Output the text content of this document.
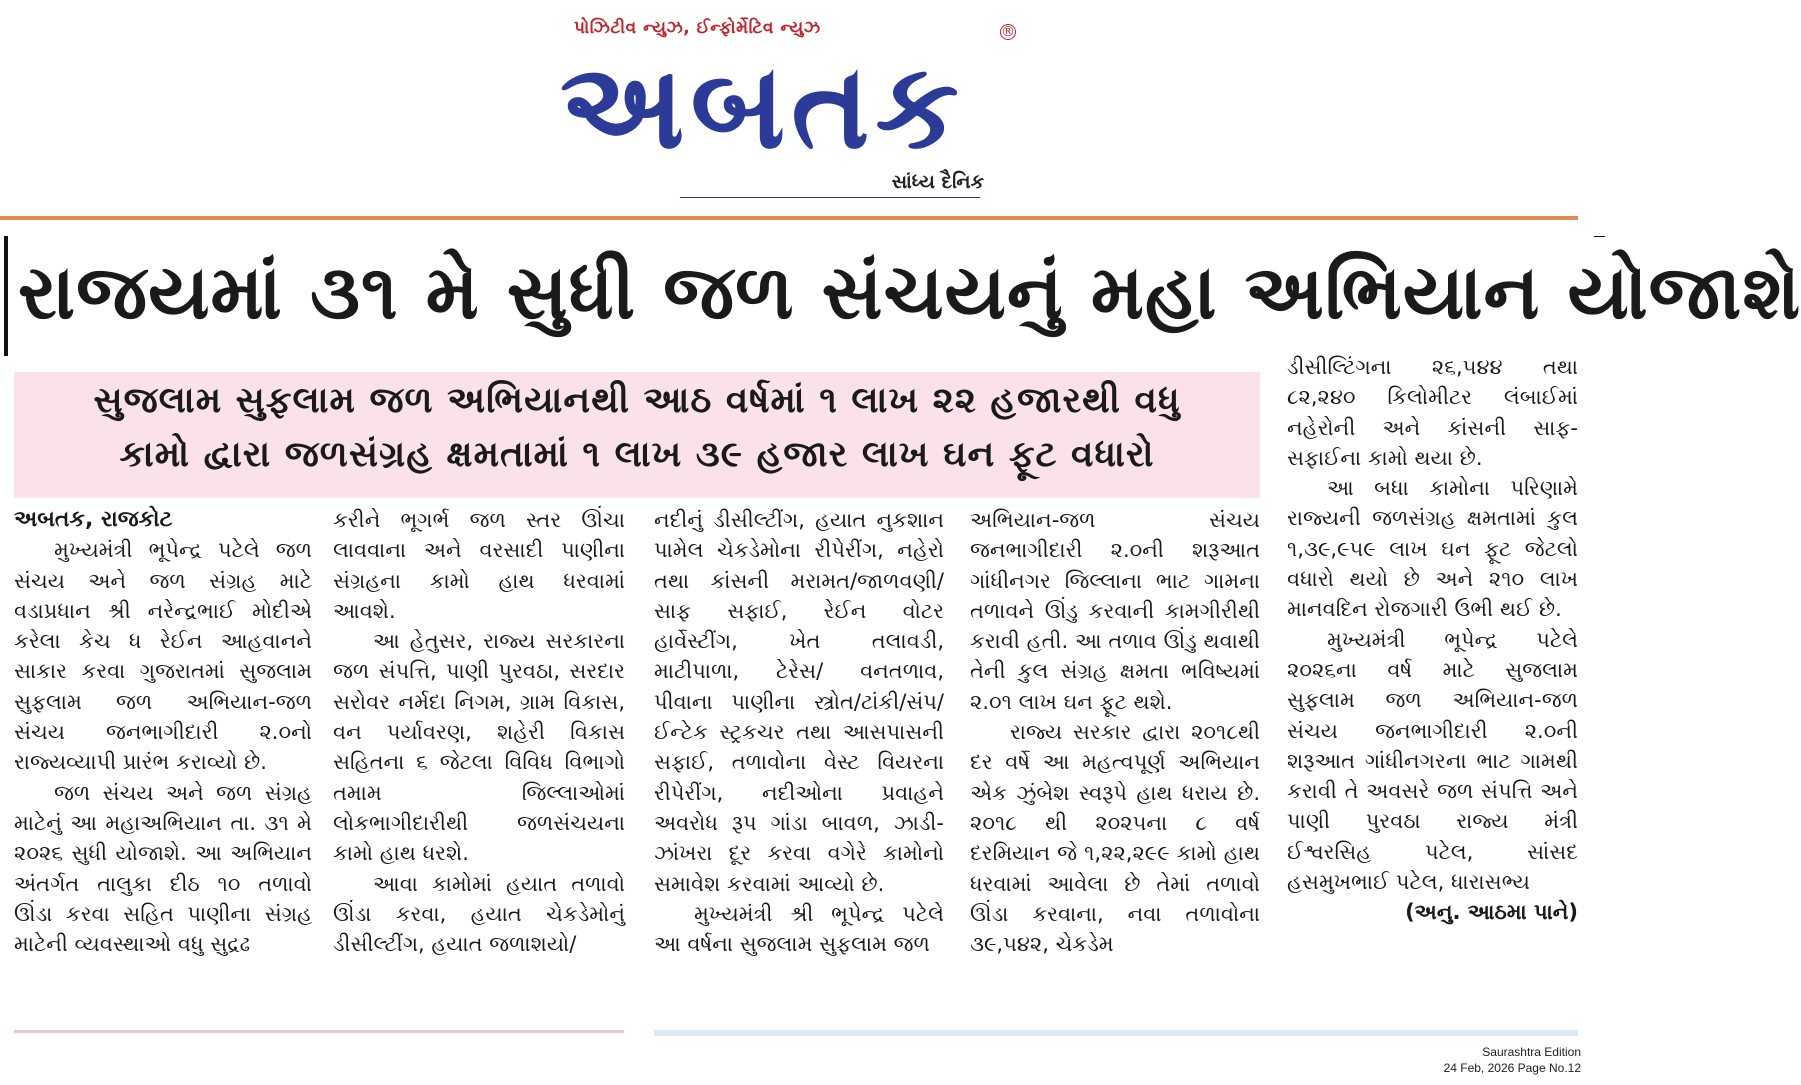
પોઝિટીવ ન્યુઝ, ઈન્ફોર્મેટિવ ન્યુઝ	®
અબતક
સાંધ્ય દૈનિક
રાજયમાં ૩૧ મે સુધી જળ સંચયનું મહા અભિયાન યોજાશે
સુજલામ સુફલામ જળ અભિયાનથી આઠ વર્ષમાં ૧ લાખ ૨૨ હજારથી વધુ
કામો દ્વારા જળસંગ્રહ ક્ષમતામાં ૧ લાખ ૩૯ હજાર લાખ ઘન ફૂટ વધારો

અબતક, રાજકોટ

મુખ્યમંત્રી ભૂપેન્દ્ર પટેલે જળ સંચય અને જળ સંગ્રહ માટે વડાપ્રધાન શ્રી નરેન્દ્રભાઈ મોદીએ કરેલા કેચ ધ રેઈન આહવાનને સાકાર કરવા ગુજરાતમાં સુજલામ સુફલામ જળ અભિયાન-જળ સંચય જનભાગીદારી ૨.૦નો રાજ્યવ્યાપી પ્રારંભ કરાવ્યો છે.

જળ સંચય અને જળ સંગ્રહ માટેનું આ મહાઅભિયાન તા. ૩૧ મે ૨૦૨૬ સુધી યોજાશે. આ અભિયાન અંતર્ગત તાલુકા દીઠ ૧૦ તળાવો ઊંડા કરવા સહિત પાણીના સંગ્રહ માટેની વ્યવસ્થાઓ વધુ સુદ્રઢ

કરીને ભૂગર્ભ જળ સ્તર ઊંચા લાવવાના અને વરસાદી પાણીના સંગ્રહના કામો હાથ ધરવામાં આવશે.

આ હેતુસર, રાજ્ય સરકારના જળ સંપત્તિ, પાણી પુરવઠા, સરદાર સરોવર નર્મદા નિગમ, ગ્રામ વિકાસ, વન પર્યાવરણ, શહેરી વિકાસ સહિતના ૬ જેટલા વિવિધ વિભાગો તમામ જિલ્લાઓમાં લોકભાગીદારીથી જળસંચયના કામો હાથ ધરશે.

આવા કામોમાં હયાત તળાવો ઊંડા કરવા, હયાત ચેકડેમોનું ડીસીલ્ટીંગ, હયાત જળાશયો/

નદીનું ડીસીલ્ટીંગ, હયાત નુકશાન પામેલ ચેકડેમોના રીપેરીંગ, નહેરો તથા કાંસની મરામત/જાળવણી/ સાફ સફાઈ, રેઈન વોટર હાર્વેસ્ટીંગ, ખેત તલાવડી, માટીપાળા, ટેરેસ/ વનતળાવ, પીવાના પાણીના સ્ત્રોત/ટાંકી/સંપ/ ઈન્ટેક સ્ટ્રકચર તથા આસપાસની સફાઈ, તળાવોના વેસ્ટ વિયરના રીપેરીંગ, નદીઓના પ્રવાહને અવરોધ રૂપ ગાંડા બાવળ, ઝાડી-ઝાંખરા દૂર કરવા વગેરે કામોનો સમાવેશ કરવામાં આવ્યો છે.

મુખ્યમંત્રી શ્રી ભૂપેન્દ્ર પટેલે આ વર્ષના સુજલામ સુફલામ જળ

અભિયાન-જળ સંચય જનભાગીદારી ૨.૦ની શરૂઆત ગાંધીનગર જિલ્લાના ભાટ ગામના તળાવને ઊંડુ કરવાની કામગીરીથી કરાવી હતી. આ તળાવ ઊંડુ થવાથી તેની કુલ સંગ્રહ ક્ષમતા ભવિષ્યમાં ૨.૦૧ લાખ ઘન ફૂટ થશે.

રાજ્ય સરકાર દ્વારા ૨૦૧૮થી દર વર્ષે આ મહત્વપૂર્ણ અભિયાન એક ઝુંબેશ સ્વરૂપે હાથ ધરાય છે. ૨૦૧૮ થી ૨૦૨૫ના ૮ વર્ષ દરમિયાન જે ૧,૨૨,૨૯૯ કામો હાથ ધરવામાં આવેલા છે તેમાં તળાવો ઊંડા કરવાના, નવા તળાવોના ૩૯,૫૪૨, ચેકડેમ

ડીસીલ્ટિંગના ૨૬,૫૪૪ તથા ૮૨,૨૪૦ કિલોમીટર લંબાઈમાં નહેરોની અને કાંસની સાફ-સફાઈના કામો થયા છે.

આ બધા કામોના પરિણામે રાજ્યની જળસંગ્રહ ક્ષમતામાં કુલ ૧,૩૯,૯૫૯ લાખ ઘન ફૂટ જેટલો વધારો થયો છે અને ૨૧૦ લાખ માનવદિન રોજગારી ઉભી થઈ છે.

મુખ્યમંત્રી ભૂપેન્દ્ર પટેલે ૨૦૨૬ના વર્ષ માટે સુજલામ સુફલામ જળ અભિયાન-જળ સંચય જનભાગીદારી ૨.૦ની શરૂઆત ગાંધીનગરના ભાટ ગામથી કરાવી તે અવસરે જળ સંપત્તિ અને પાણી પુરવઠા રાજ્ય મંત્રી ઈશ્વરસિહ પટેલ, સાંસદ હસમુખભાઈ પટેલ, ધારાસભ્ય

(અનુ. આઠમા પાને)

Saurashtra Edition
24 Feb, 2026 Page No.12
